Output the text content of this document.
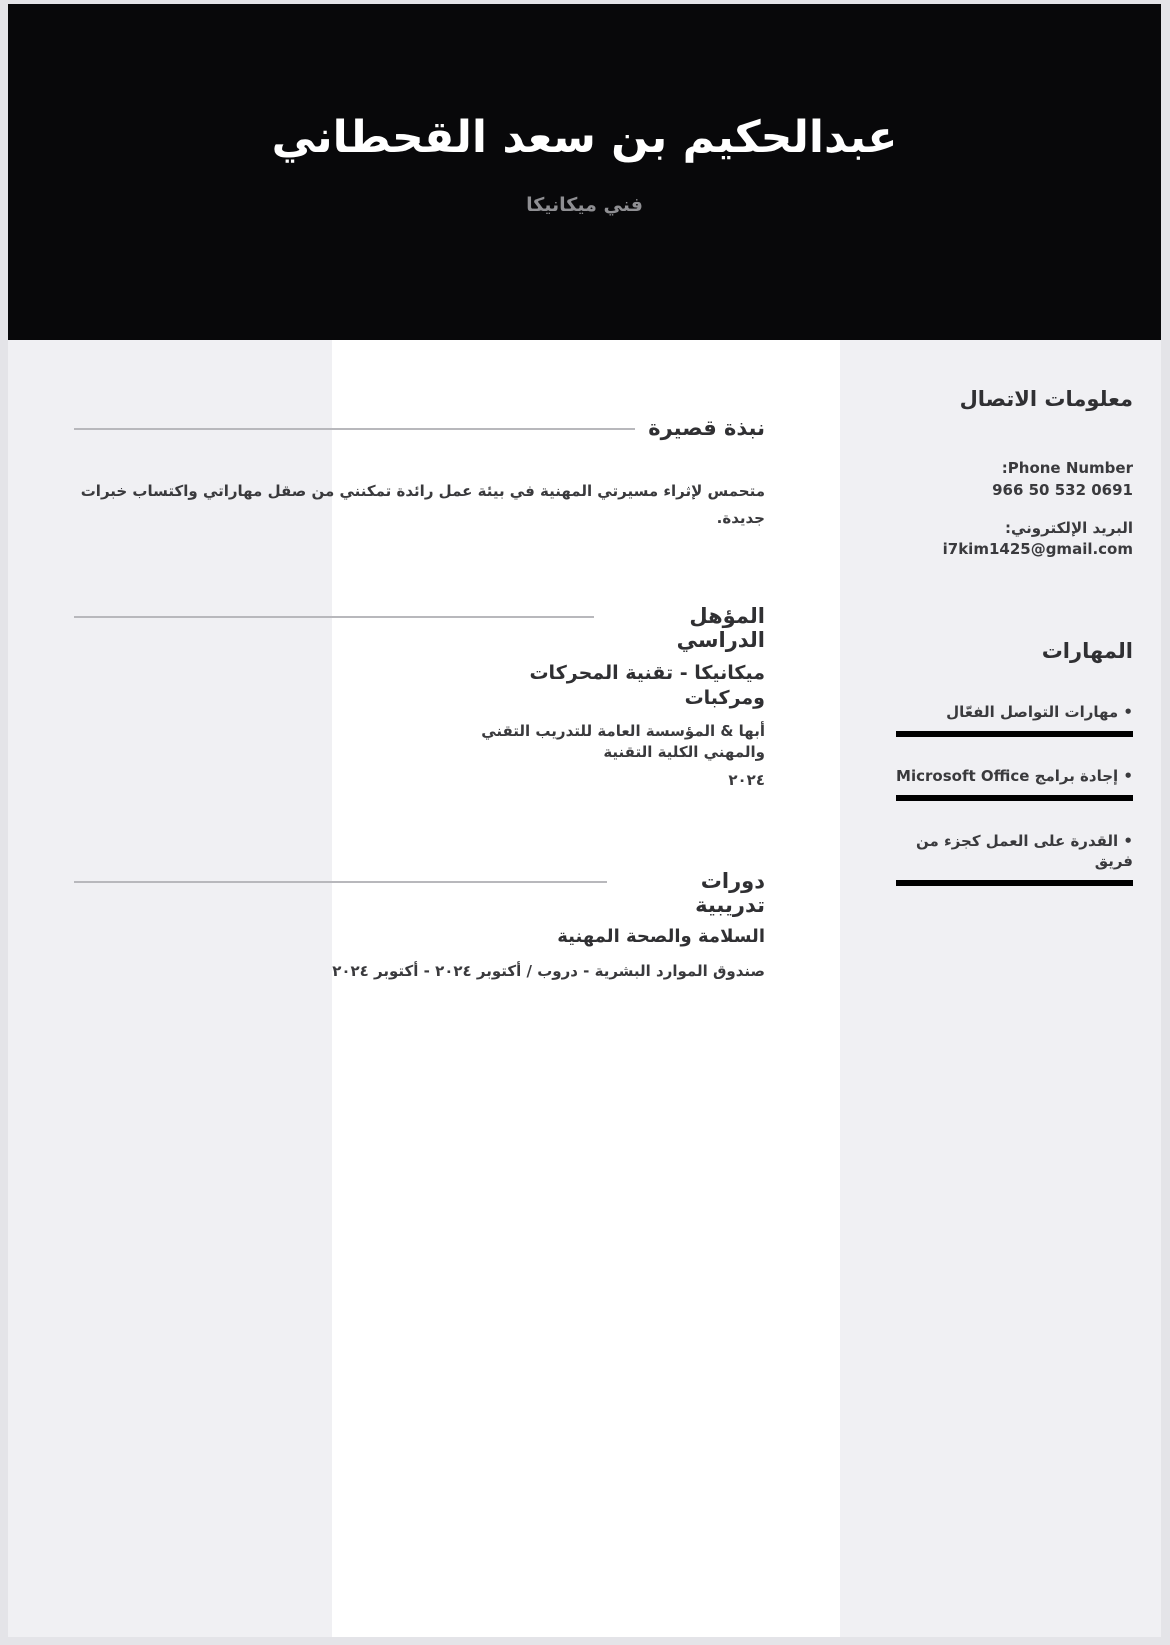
عبدالحكيم بن سعد القحطاني
فني ميكانيكا
معلومات الاتصال
Phone Number:
966 50 532 0691
البريد الإلكتروني:
i7kim1425@gmail.com
المهارات
• مهارات التواصل الفعّال
• إجادة برامج Microsoft Office
• القدرة على العمل كجزء من فريق
نبذة قصيرة
متحمس لإثراء مسيرتي المهنية في بيئة عمل رائدة تمكنني من صقل مهاراتي واكتساب خبرات جديدة.
المؤهل الدراسي
ميكانيكا - تقنية المحركات ومركبات
أبها & المؤسسة العامة للتدريب التقني والمهني الكلية التقنية
٢٠٢٤
دورات تدريبية
السلامة والصحة المهنية
صندوق الموارد البشرية - دروب / أكتوبر ٢٠٢٤ - أكتوبر ٢٠٢٤
